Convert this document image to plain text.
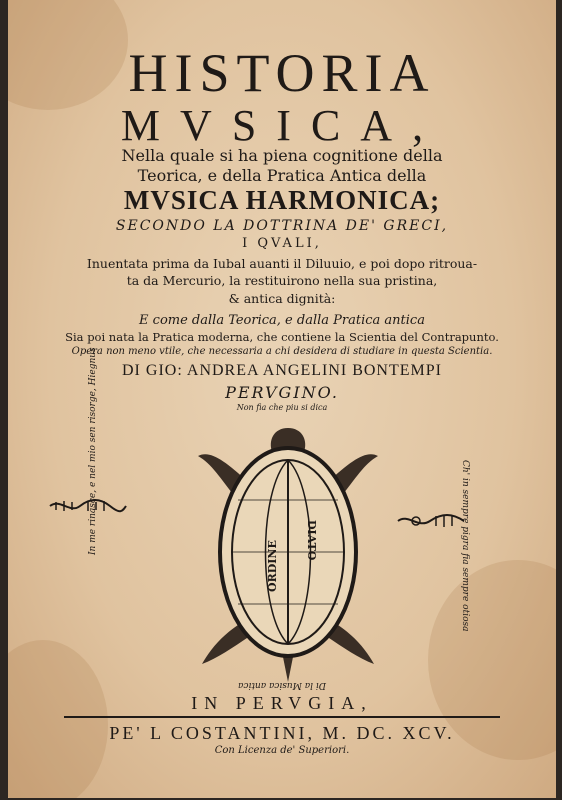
HISTORIA
MVSICA,
Nella quale si ha piena cognitione della
Teorica, e della Pratica Antica della
MVSICA HARMONICA;
SECONDO LA DOTTRINA DE' GRECI,
I QVALI,
Inuentata prima da Iubal auanti il Diluuio, e poi dopo ritroua-
ta da Mercurio, la restituirono nella sua pristina,
& antica dignità:
E come dalla Teorica, e dalla Pratica antica
Sia poi nata la Pratica moderna, che contiene la Scientia del Contrapunto.
Opera non meno vtile, che necessaria a chi desidera di studiare in questa Scientia.
DI GIO: ANDREA ANGELINI BONTEMPI
PERVGINO.
Non fia che piu si dica
In me rinasce, e nel mio sen risorge, Hiegnus	Ch' in sempre pigra fia sempre otiosa
ORDINE DIATO
Di la Musica antica
IN PERVGIA,
PE' L COSTANTINI, M. DC. XCV.
Con Licenza de' Superiori.
